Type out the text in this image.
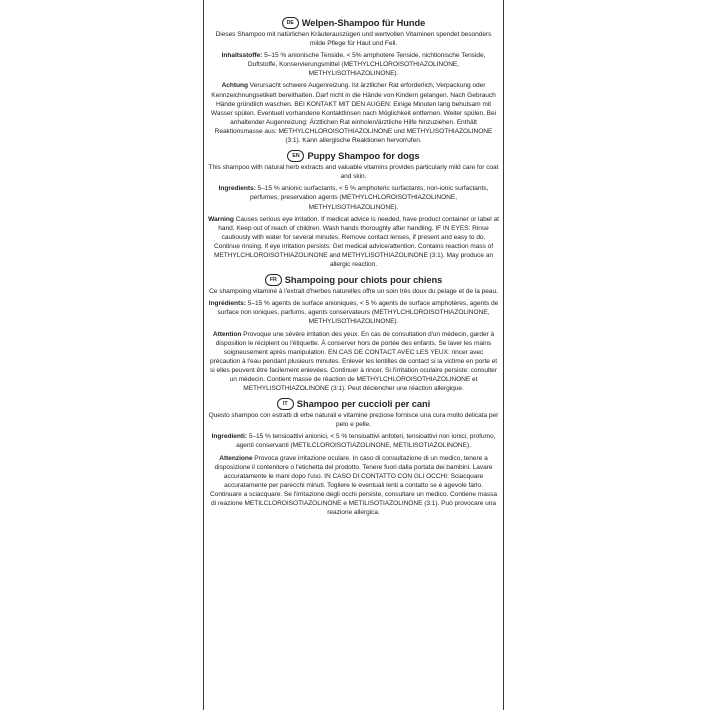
DE Welpen-Shampoo für Hunde

Dieses Shampoo mit natürlichen Kräuterauszügen und wertvollen Vitaminen spendet besonders milde Pflege für Haut und Fell.

Inhaltsstoffe: 5–15 % anionische Tenside, < 5% amphotere Tenside, nichtionische Tenside, Duftstoffe, Konservierungsmittel (METHYLCHLOROISOTHIAZOLINONE, METHYLISOTHIAZOLINONE).

Achtung Verursacht schwere Augenreizung. Ist ärztlicher Rat erforderlich, Verpackung oder Kennzeichnungsetikett bereithalten. Darf nicht in die Hände von Kindern gelangen. Nach Gebrauch Hände gründlich waschen. BEI KONTAKT MIT DEN AUGEN: Einige Minuten lang behutsam mit Wasser spülen. Eventuell vorhandene Kontaktlinsen nach Möglichkeit entfernen. Weiter spülen. Bei anhaltender Augenreizung: Ärztlichen Rat einholen/ärztliche Hilfe hinzuziehen. Enthält Reaktionsmasse aus: METHYLCHLOROISOTHIAZOLINONE und METHYLISOTHIAZOLINONE (3:1). Kann allergische Reaktionen hervorrufen.

EN Puppy Shampoo for dogs

This shampoo with natural herb extracts and valuable vitamins provides particularly mild care for coat and skin.

Ingredients: 5–15 % anionic surfactants, < 5 % amphoteric surfactants, non-ionic surfactants, perfumes, preservation agents (METHYLCHLOROISOTHIAZOLINONE, METHYLISOTHIAZOLINONE).

Warning Causes serious eye irritation. If medical advice is needed, have product container or label at hand. Keep out of reach of children. Wash hands thoroughly after handling. IF IN EYES: Rinse cautiously with water for several minutes. Remove contact lenses, if present and easy to do. Continue rinsing. If eye irritation persists: Get medical advice/attention. Contains reaction mass of METHYLCHLOROISOTHIAZOLINONE and METHYLISOTHIAZOLINONE (3:1). May produce an allergic reaction.

FR Shampoing pour chiots pour chiens

Ce shampoing vitaminé à l'extrait d'herbes naturelles offre un soin très doux du pelage et de la peau.

Ingrédients: 5–15 % agents de surface anioniques, < 5 % agents de surface amphotères, agents de surface non ioniques, parfums, agents conservateurs (METHYLCHLOROISOTHIAZOLINONE, METHYLISOTHIAZOLINONE).

Attention Provoque une sévère irritation des yeux. En cas de consultation d'un médecin, garder à disposition le récipient ou l'étiquette. À conserver hors de portée des enfants. Se laver les mains soigneusement après manipulation. EN CAS DE CONTACT AVEC LES YEUX: rincer avec précaution à l'eau pendant plusieurs minutes. Enlever les lentilles de contact si la victime en porte et si elles peuvent être facilement enlevées. Continuer à rincer. Si l'irritation oculaire persiste: consulter un médecin. Contient masse de réaction de METHYLCHLOROISOTHIAZOLINONE et METHYLISOTHIAZOLINONE (3:1). Peut déclencher une réaction allergique.

IT Shampoo per cuccioli per cani

Questo shampoo con estratti di erbe naturali e vitamine preziose fornisce una cura molto delicata per pelo e pelle.

Ingredienti: 5–15 % tensioattivi anionici, < 5 % tensioattivi anfoteri, tensioattivi non ionici, profumo, agenti conservanti (METILCLOROISOTIAZOLINONE, METILISOTIAZOLINONE).

Attenzione Provoca grave irritazione oculare. In caso di consultazione di un medico, tenere a disposizione il contenitore o l'etichetta del prodotto. Tenere fuori dalla portata dei bambini. Lavare accuratamente le mani dopo l'uso. IN CASO DI CONTATTO CON GLI OCCHI: Sciacquare accuratamente per parecchi minuti. Togliere le eventuali lenti a contatto se è agevole farlo. Continuare a sciacquare. Se l'irritazione degli occhi persiste, consultare un medico. Contiene massa di reazione METILCLOROISOTIAZOLINONE e METILISOTIAZOLINONE (3:1). Può provocare una reazione allergica.
